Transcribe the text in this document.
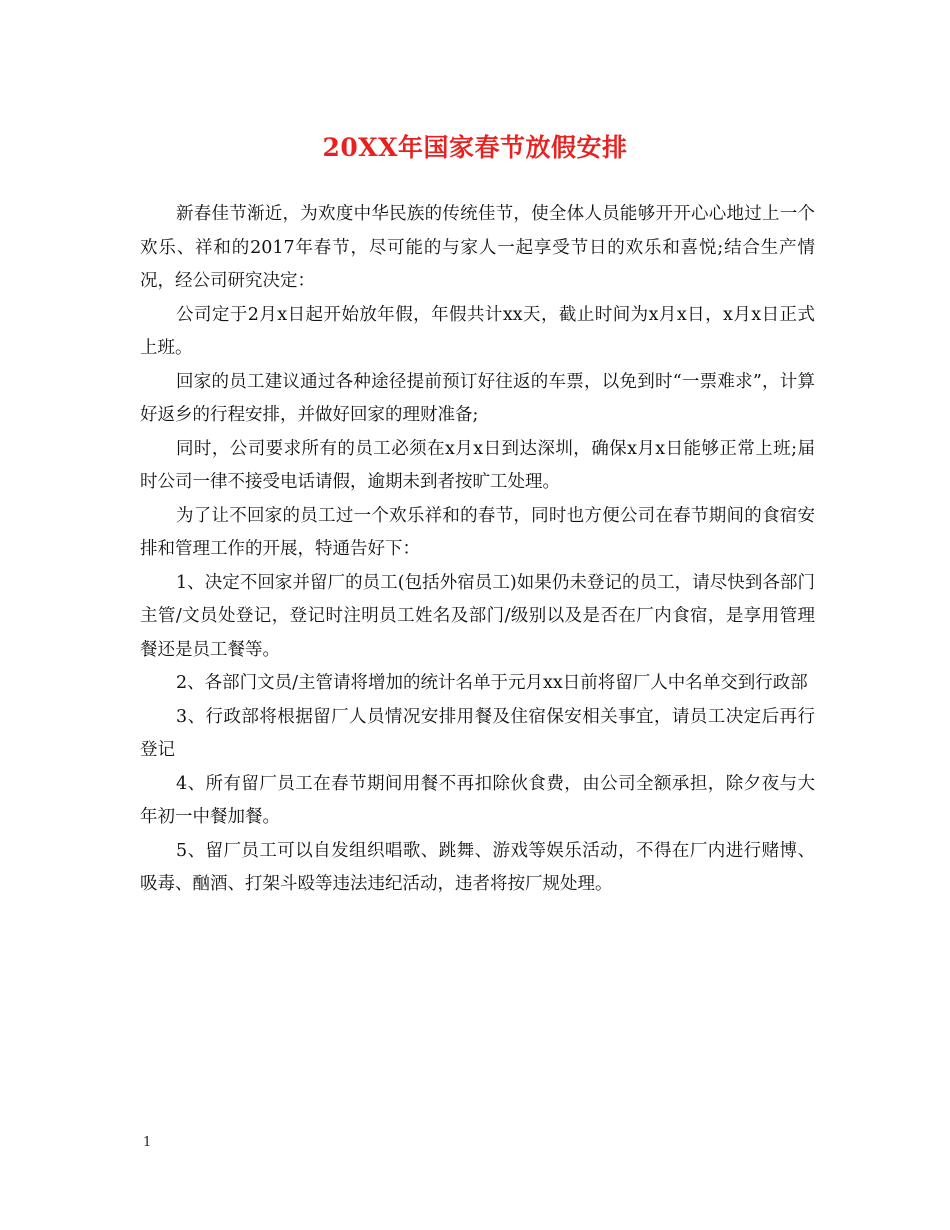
20XX年国家春节放假安排

新春佳节渐近，为欢度中华民族的传统佳节，使全体人员能够开开心心地过上一个欢乐、祥和的2017年春节，尽可能的与家人一起享受节日的欢乐和喜悦;结合生产情况，经公司研究决定：

公司定于2月x日起开始放年假，年假共计xx天，截止时间为x月x日，x月x日正式上班。

回家的员工建议通过各种途径提前预订好往返的车票，以免到时“一票难求”，计算好返乡的行程安排，并做好回家的理财准备;

同时，公司要求所有的员工必须在x月x日到达深圳，确保x月x日能够正常上班;届时公司一律不接受电话请假，逾期未到者按旷工处理。

为了让不回家的员工过一个欢乐祥和的春节，同时也方便公司在春节期间的食宿安排和管理工作的开展，特通告好下：

1、决定不回家并留厂的员工(包括外宿员工)如果仍未登记的员工，请尽快到各部门主管/文员处登记，登记时注明员工姓名及部门/级别以及是否在厂内食宿，是享用管理餐还是员工餐等。

2、各部门文员/主管请将增加的统计名单于元月xx日前将留厂人中名单交到行政部

3、行政部将根据留厂人员情况安排用餐及住宿保安相关事宜，请员工决定后再行登记

4、所有留厂员工在春节期间用餐不再扣除伙食费，由公司全额承担，除夕夜与大年初一中餐加餐。

5、留厂员工可以自发组织唱歌、跳舞、游戏等娱乐活动，不得在厂内进行赌博、吸毒、酗酒、打架斗殴等违法违纪活动，违者将按厂规处理。

1
